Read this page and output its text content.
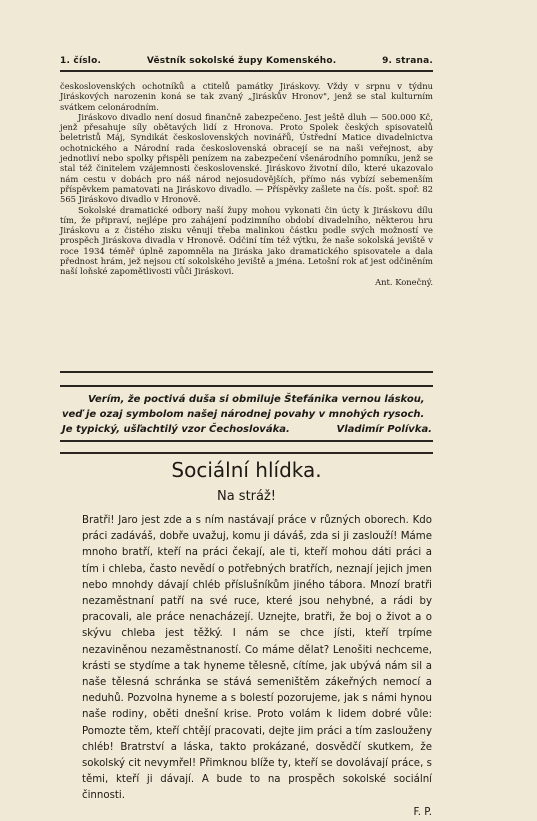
1. číslo.	Věstník sokolské župy Komenského.	9. strana.

československých ochotníků a ctitelů památky Jiráskovy. Vždy v srpnu v týdnu Jiráskových narozenin koná se tak zvaný „Jiráskův Hronov", jenž se stal kulturním svátkem celonárodním.

Jiráskovo divadlo není dosud finančně zabezpečeno. Jest ještě dluh — 500.000 Kč, jenž přesahuje síly obětavých lidí z Hronova. Proto Spolek českých spisovatelů beletristů Máj, Syndikát československých novinářů, Ústřední Matice divadelnictva ochotnického a Národní rada československá obracejí se na naši veřejnost, aby jednotliví nebo spolky přispěli penízem na zabezpečení všenárodního pomníku, jenž se stal též činitelem vzájemnosti československé. Jiráskovo životní dílo, které ukazovalo nám cestu v dobách pro náš národ nejosudovějších, přímo nás vybízí sebemenším příspěvkem pamatovati na Jiráskovo divadlo. — Příspěvky zašlete na čís. pošt. spoř. 82 565 Jiráskovo divadlo v Hronově.

Sokolské dramatické odbory naší župy mohou vykonati čin úcty k Jiráskovu dílu tím, že připraví, nejlépe pro zahájení podzimního období divadelního, některou hru Jiráskovu a z čistého zisku věnují třeba malinkou částku podle svých možností ve prospěch Jiráskova divadla v Hronově. Odčiní tím též výtku, že naše sokolská jeviště v roce 1934 téměř úplně zapomněla na Jiráska jako dramatického spisovatele a dala přednost hrám, jež nejsou ctí sokolského jeviště a jména. Letošní rok ať jest odčiněním naší loňské zapomětlivosti vůči Jiráskovi.

Ant. Konečný.
Verím, že poctivá duša si obmiluje Štefánika vernou láskou,
veď je ozaj symbolom našej národnej povahy v mnohých rysoch.
Je typický, ušľachtilý vzor Čechoslováka.	Vladimír Polívka.
Sociální hlídka.
Na stráž!

Bratři! Jaro jest zde a s ním nastávají práce v různých oborech. Kdo práci zadáváš, dobře uvažuj, komu ji dáváš, zda si ji zaslouží! Máme mnoho bratří, kteří na práci čekají, ale ti, kteří mohou dáti práci a tím i chleba, často nevědí o potřebných bratřích, neznají jejich jmen nebo mnohdy dávají chléb příslušníkům jiného tábora. Mnozí bratři nezaměstnaní patří na své ruce, které jsou nehybné, a rádi by pracovali, ale práce nenacházejí. Uznejte, bratři, že boj o život a o skývu chleba jest těžký. I nám se chce jísti, kteří trpíme nezaviněnou nezaměstnaností. Co máme dělat? Lenošiti nechceme, krásti se stydíme a tak hyneme tělesně, cítíme, jak ubývá nám sil a naše tělesná schránka se stává semeništěm zákeřných nemocí a neduhů. Pozvolna hyneme a s bolestí pozorujeme, jak s námi hynou naše rodiny, oběti dnešní krise. Proto volám k lidem dobré vůle: Pomozte těm, kteří chtějí pracovati, dejte jim práci a tím zaslouženy chléb! Bratrství a láska, takto prokázané, dosvědčí skutkem, že sokolský cit nevymřel! Přimknou blíže ty, kteří se dovolávají práce, s těmi, kteří ji dávají. A bude to na prospěch sokolské sociální činnosti.

F. P.
